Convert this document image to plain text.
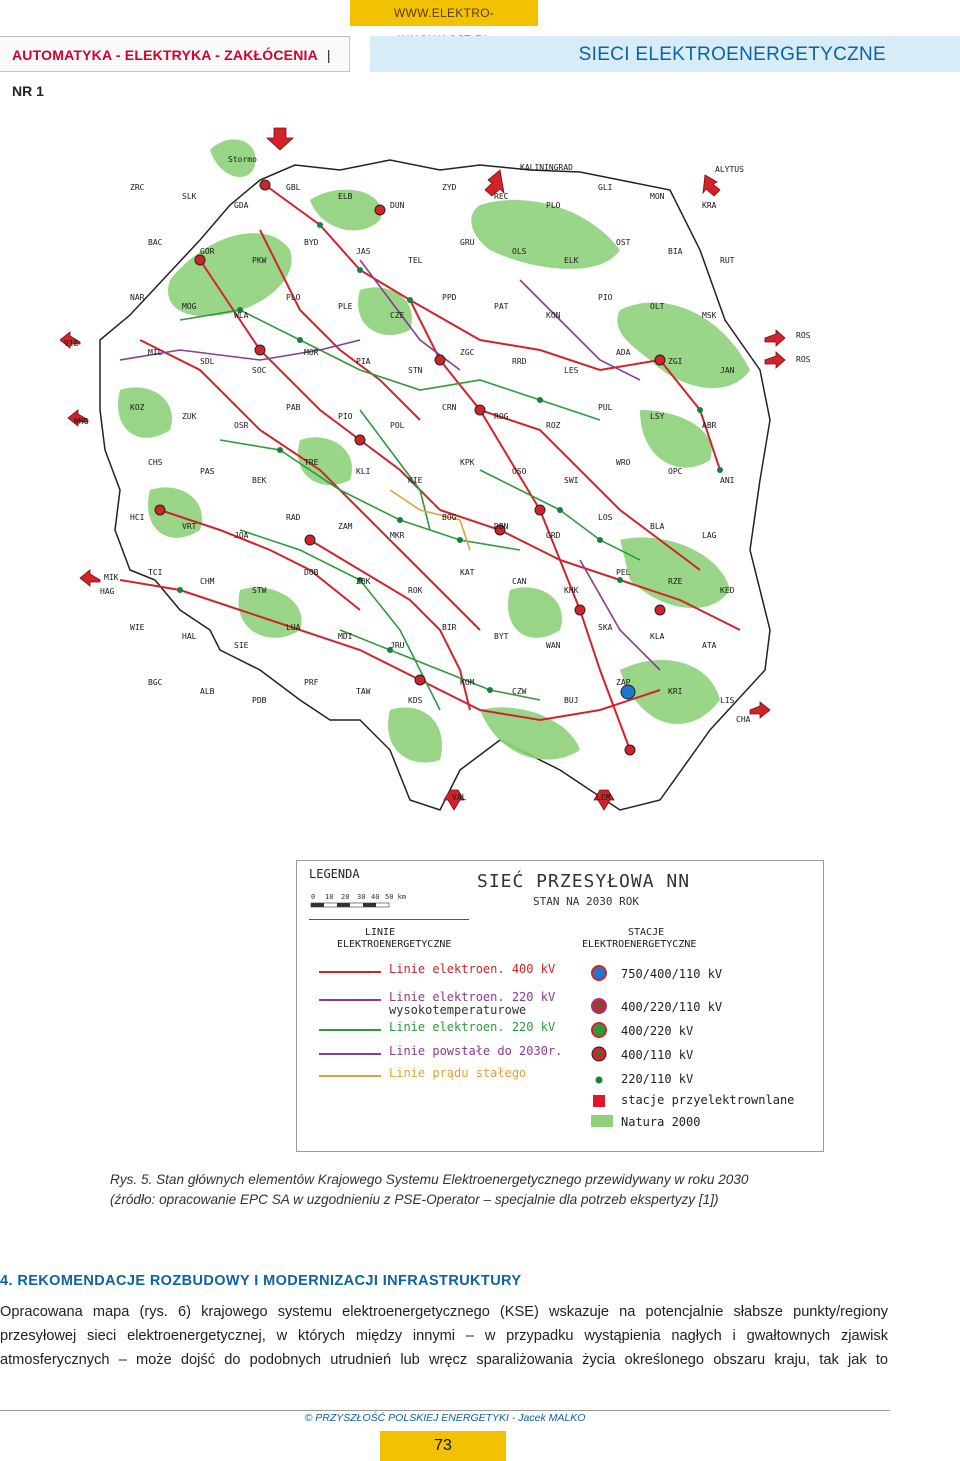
WWW.ELEKTRO-
AUTOMATYKA - ELEKTRYKA - ZAKŁÓCENIA | NR 1
SIECI ELEKTROENERGETYCZNE
Stormo
KALININGRAD	ALYTUS
ROS
ROS
VIE
NHG
MIK
HAG
CHA
VAL	LEM
ZRC
SLK
GDA
GBL
ELB
DUN
ZYD
REC
PLO
GLI
MON
KRA
BAC
GOR
PKW
BYD
JAS
TEL
GRU
OLS
ELK
OST
BIA
RUT
NAR
MOG
WLA
PLO
PLE
CZE
PPD
PAT
KON
PIO
OLT
MSK
MIL
SDL
SOC
MOR
PIA
STN
ZGC
RRD
LES
ADA
ZGI
JAN
KOZ
ZUK
OSR
PAB
PIO
POL
CRN
ROG
ROZ
PUL
LSY
ABR
CHS
PAS
BEK
TRE
KLI
KIE
KPK
OSO
SWI
WRO
OPC
ANI
HCI
VRT
JOA
RAD
ZAM
MKR
BOG
DBN
GRD
LOS
BLA
LAG
TCI
CHM
STW
DOB
ZBK
ROK
KAT
CAN
KHK
PEL
RZE
KED
WIE
HAL
SIE
LUA
MDI
JRU
BIR
BYT
WAN
SKA
KLA
ATA
BGC
ALB
PDB
PRF
TAW
KDS
KOM
CZW
BUJ
ZAP
KRI
LIS
LEGENDA
0 10 20 30 40 50 km
SIEĆ PRZESYŁOWA NN
STAN NA 2030 ROK
LINIE
ELEKTROENERGETYCZNE
STACJE
ELEKTROENERGETYCZNE
Linie elektroen. 400 kV
Linie elektroen. 220 kV
wysokotemperaturowe
Linie elektroen. 220 kV
Linie powstałe do 2030r.
Linie prądu stałego
750/400/110 kV
400/220/110 kV
400/220 kV
400/110 kV
220/110 kV
stacje przyelektrownlane
Natura 2000

Rys. 5. Stan głównych elementów Krajowego Systemu Elektroenergetycznego przewidywany w roku 2030

(źródło: opracowanie EPC SA w uzgodnieniu z PSE-Operator – specjalnie dla potrzeb ekspertyzy [1])

4. REKOMENDACJE ROZBUDOWY I MODERNIZACJI INFRASTRUKTURY
Opracowana mapa (rys. 6) krajowego systemu elektroenergetycznego (KSE) wskazuje na potencjalnie słabsze punkty/regiony
przesyłowej sieci elektroenergetycznej, w których między innymi – w przypadku wystąpienia nagłych i gwałtownych zjawisk
atmosferycznych – może dojść do podobnych utrudnień lub wręcz sparaliżowania życia określonego obszaru kraju, tak jak to
© PRZYSZŁOŚĆ POLSKIEJ ENERGETYKI - Jacek MALKO
73
